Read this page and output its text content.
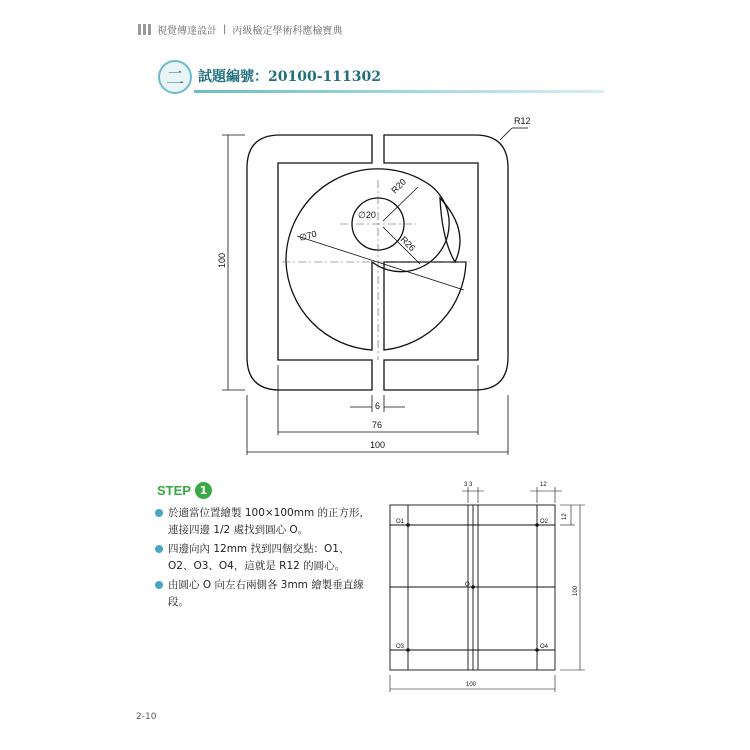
視覺傳達設計 | 丙級檢定學術科應檢寶典
二	試題編號：20100-111302
R12
R20
∅20
∅70	R26
100
6
76
100
3 3	12
12
100
100
O1	O2
O3	O4
O
STEP 1
於適當位置繪製 100×100mm 的正方形，連接四邊 1/2 處找到圓心 O。
四邊向內 12mm 找到四個交點：O1、O2、O3、O4，這就是 R12 的圓心。
由圓心 O 向左右兩側各 3mm 繪製垂直線段。
2-10
